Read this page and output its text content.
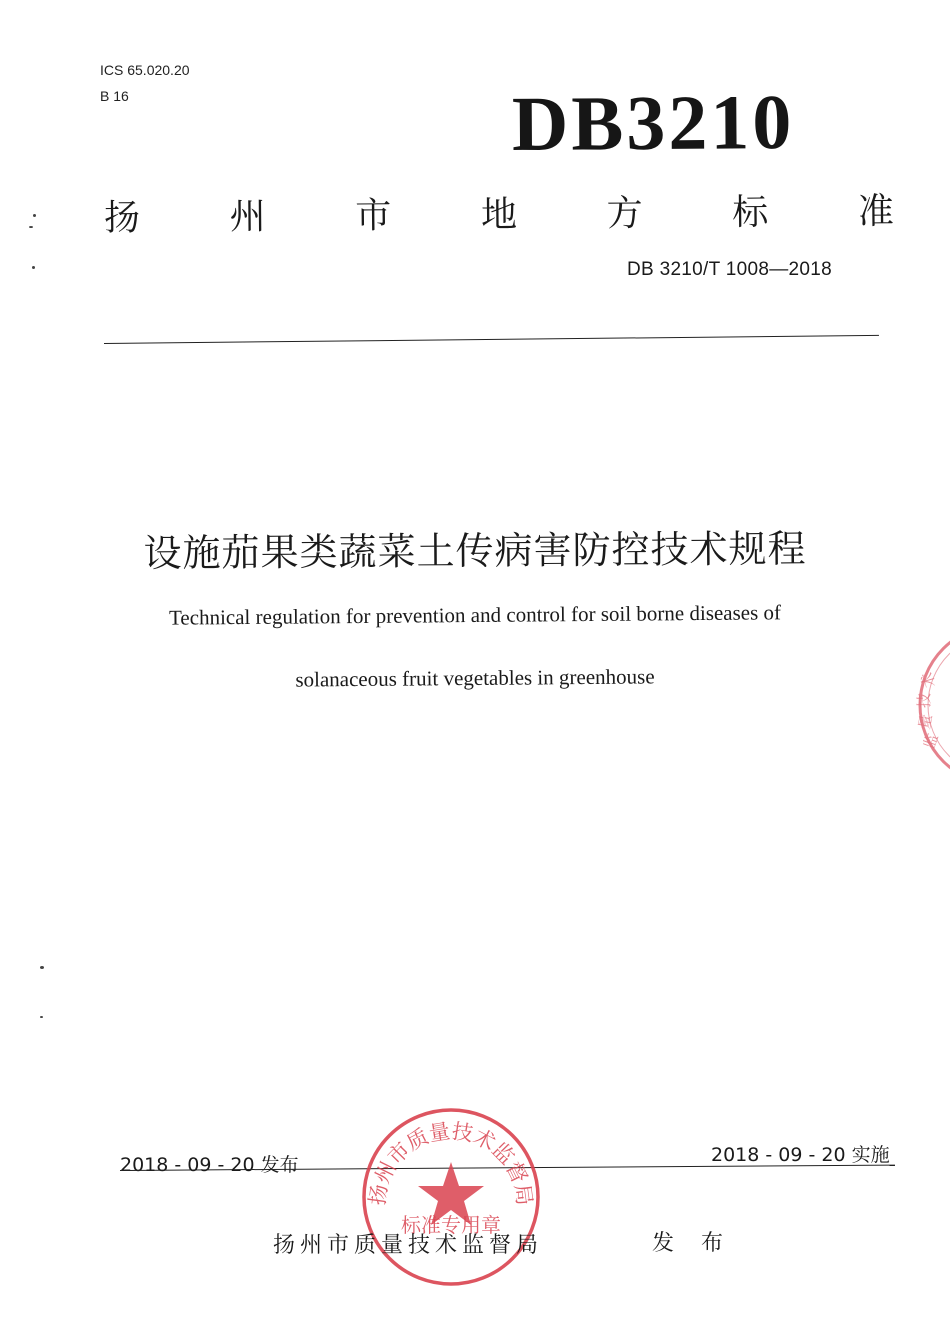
ICS 65.020.20
B 16	DB3210
扬 州 市 地 方 标 准
DB 3210/T 1008—2018
设施茄果类蔬菜土传病害防控技术规程
Technical regulation for prevention and control for soil borne diseases of
solanaceous fruit vegetables in greenhouse
监
量
技
术
2018 - 09 - 20 发布	2018 - 09 - 20 实施
扬州市质量技术监督局
标准专用章
扬州市质量技术监督局	发 布
